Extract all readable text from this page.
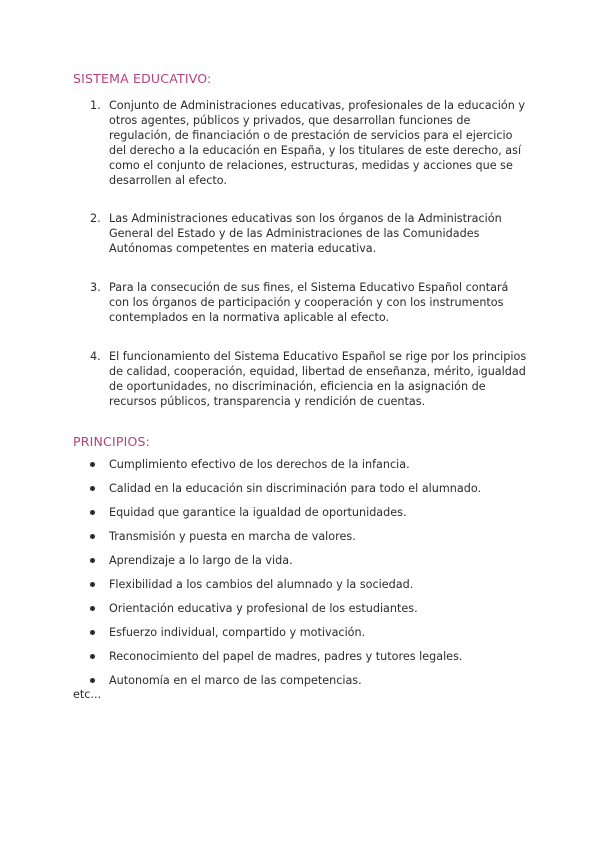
SISTEMA EDUCATIVO:
1. Conjunto de Administraciones educativas, profesionales de la educación y otros agentes, públicos y privados, que desarrollan funciones de regulación, de financiación o de prestación de servicios para el ejercicio del derecho a la educación en España, y los titulares de este derecho, así como el conjunto de relaciones, estructuras, medidas y acciones que se desarrollen al efecto.
2. Las Administraciones educativas son los órganos de la Administración General del Estado y de las Administraciones de las Comunidades Autónomas competentes en materia educativa.
3. Para la consecución de sus fines, el Sistema Educativo Español contará con los órganos de participación y cooperación y con los instrumentos contemplados en la normativa aplicable al efecto.
4. El funcionamiento del Sistema Educativo Español se rige por los principios de calidad, cooperación, equidad, libertad de enseñanza, mérito, igualdad de oportunidades, no discriminación, eficiencia en la asignación de recursos públicos, transparencia y rendición de cuentas.
PRINCIPIOS:
Cumplimiento efectivo de los derechos de la infancia.
Calidad en la educación sin discriminación para todo el alumnado.
Equidad que garantice la igualdad de oportunidades.
Transmisión y puesta en marcha de valores.
Aprendizaje a lo largo de la vida.
Flexibilidad a los cambios del alumnado y la sociedad.
Orientación educativa y profesional de los estudiantes.
Esfuerzo individual, compartido y motivación.
Reconocimiento del papel de madres, padres y tutores legales.
Autonomía en el marco de las competencias.
etc...
